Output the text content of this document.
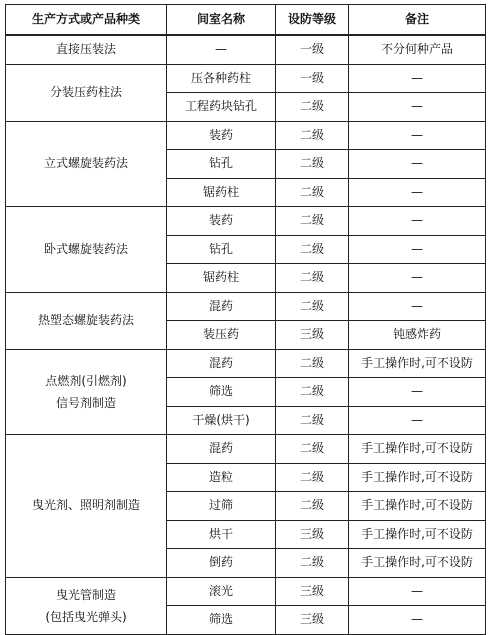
生产方式或产品种类	间室名称	设防等级	备注
直接压装法	—	一级	不分何种产品
分装压药柱法	压各种药柱	一级	—
	工程药块钻孔	二级	—
立式螺旋装药法	装药	二级	—
	钻孔	二级	—
	锯药柱	二级	—
卧式螺旋装药法	装药	二级	—
	钻孔	二级	—
	锯药柱	二级	—
热塑态螺旋装药法	混药	二级	—
	装压药	三级	钝感炸药

点燃剂(引燃剂)
信号剂制造	混药	二级	手工操作时,可不设防
	筛选	二级	—
	干燥(烘干)	二级	—
曳光剂、照明剂制造	混药	二级	手工操作时,可不设防
	造粒	二级	手工操作时,可不设防
	过筛	二级	手工操作时,可不设防
	烘干	三级	手工操作时,可不设防
	倒药	二级	手工操作时,可不设防

曳光管制造
(包括曳光弹头)	滚光	三级	—
	筛选	三级	—
